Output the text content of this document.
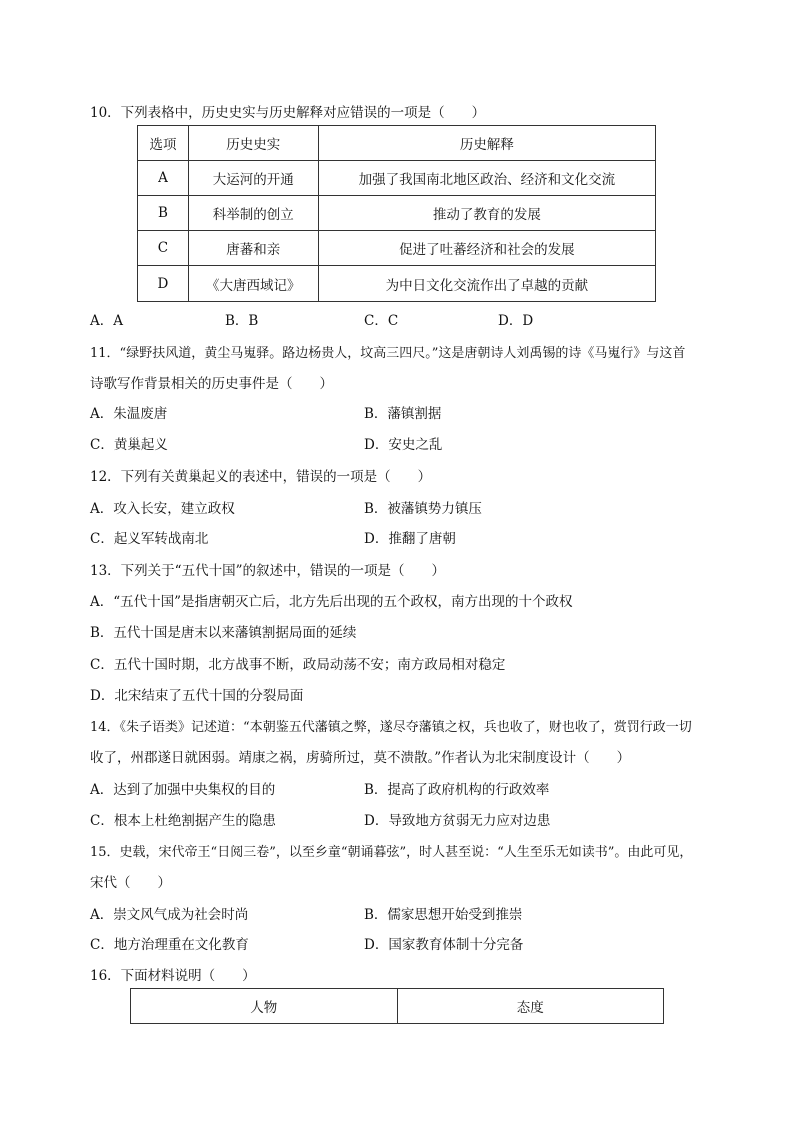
10．下列表格中，历史史实与历史解释对应错误的一项是（　　）
选项	历史史实	历史解释
A	大运河的开通	加强了我国南北地区政治、经济和文化交流
B	科举制的创立	推动了教育的发展
C	唐蕃和亲	促进了吐蕃经济和社会的发展
D	《大唐西域记》	为中日文化交流作出了卓越的贡献
A．A	B．B	C．C	D．D
11．“绿野扶风道，黄尘马嵬驿。路边杨贵人，坟高三四尺。”这是唐朝诗人刘禹锡的诗《马嵬行》与这首
诗歌写作背景相关的历史事件是（　　）
A．朱温废唐	B．藩镇割据
C．黄巢起义	D．安史之乱
12．下列有关黄巢起义的表述中，错误的一项是（　　）
A．攻入长安，建立政权	B．被藩镇势力镇压
C．起义军转战南北	D．推翻了唐朝
13．下列关于“五代十国”的叙述中，错误的一项是（　　）
A．“五代十国”是指唐朝灭亡后，北方先后出现的五个政权，南方出现的十个政权
B．五代十国是唐末以来藩镇割据局面的延续
C．五代十国时期，北方战事不断，政局动荡不安；南方政局相对稳定
D．北宋结束了五代十国的分裂局面
14．《朱子语类》记述道：“本朝鉴五代藩镇之弊，遂尽夺藩镇之权，兵也收了，财也收了，赏罚行政一切
收了，州郡遂日就困弱。靖康之祸，虏骑所过，莫不溃散。”作者认为北宋制度设计（　　）
A．达到了加强中央集权的目的	B．提高了政府机构的行政效率
C．根本上杜绝割据产生的隐患	D．导致地方贫弱无力应对边患
15．史载，宋代帝王“日阅三卷”，以至乡童“朝诵暮弦”，时人甚至说：“人生至乐无如读书”。由此可见，
宋代（　　）
A．崇文风气成为社会时尚	B．儒家思想开始受到推崇
C．地方治理重在文化教育	D．国家教育体制十分完备
16．下面材料说明（　　）
人物	态度
